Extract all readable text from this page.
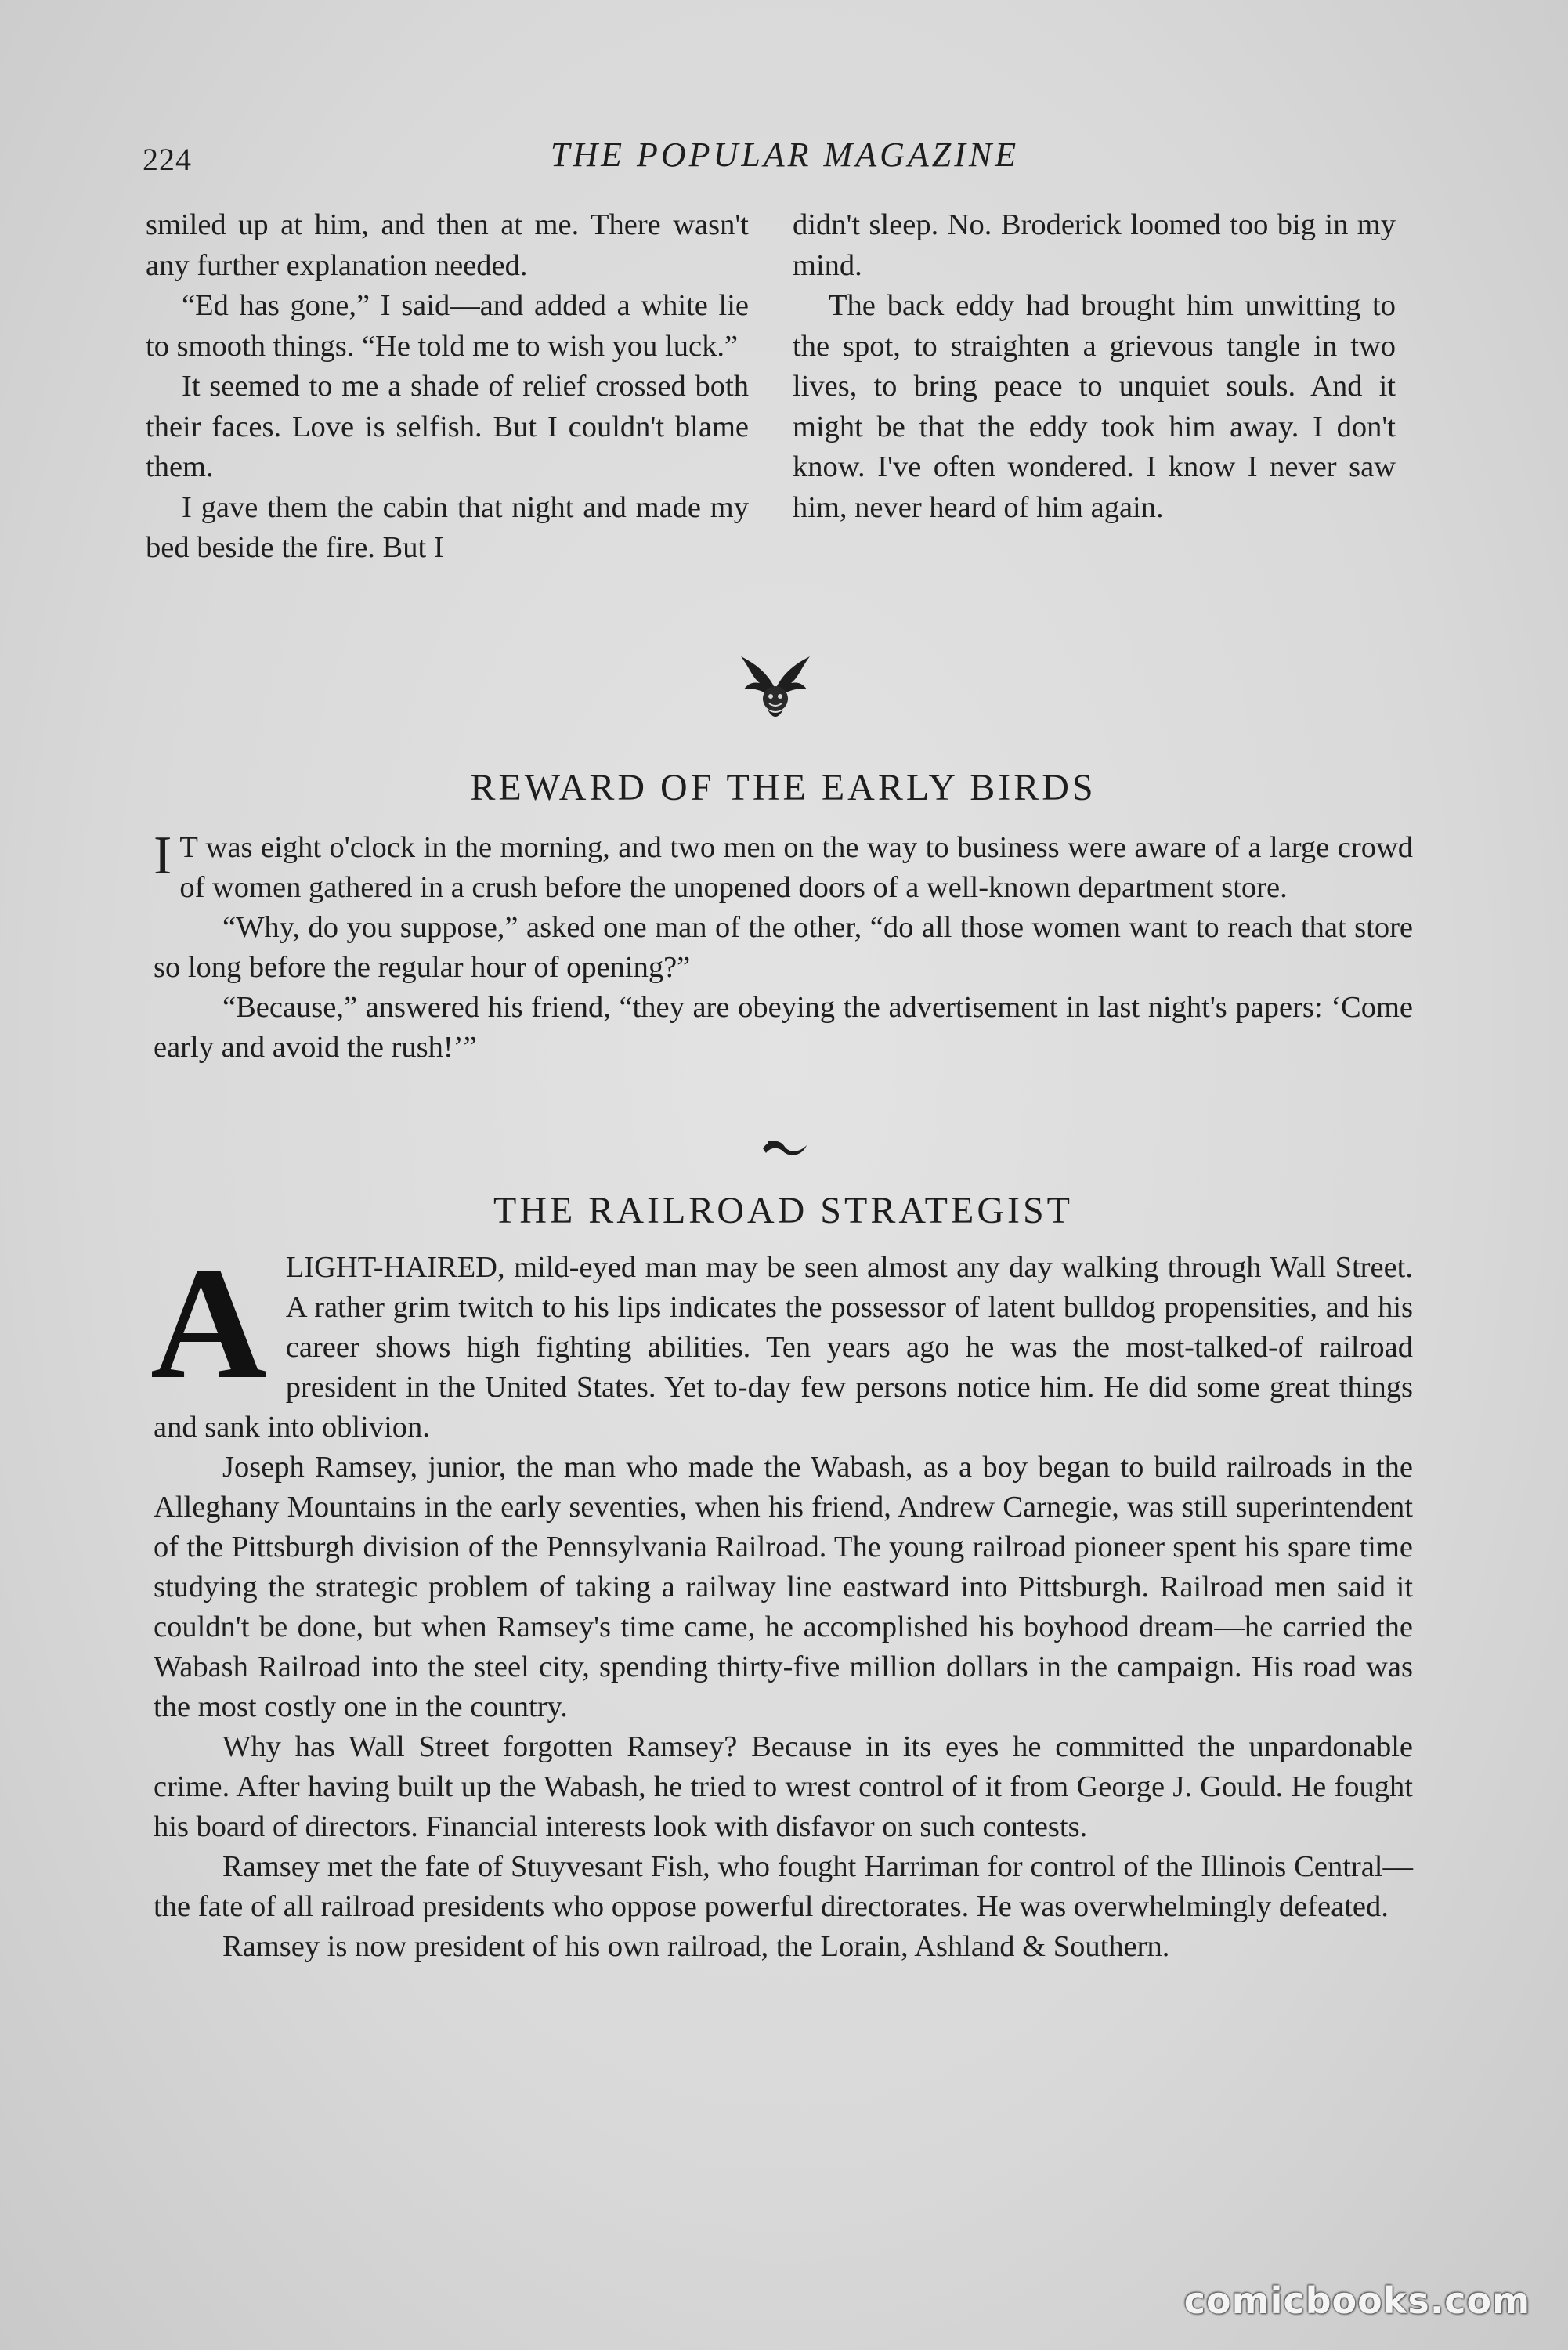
224	THE POPULAR MAGAZINE

smiled up at him, and then at me. There wasn't any further explanation needed.

“Ed has gone,” I said—and added a white lie to smooth things. “He told me to wish you luck.”

It seemed to me a shade of relief crossed both their faces. Love is selfish. But I couldn't blame them.

I gave them the cabin that night and made my bed beside the fire. But I

didn't sleep. No. Broderick loomed too big in my mind.

The back eddy had brought him unwitting to the spot, to straighten a grievous tangle in two lives, to bring peace to unquiet souls. And it might be that the eddy took him away. I don't know. I've often wondered. I know I never saw him, never heard of him again.

REWARD OF THE EARLY BIRDS

I T was eight o'clock in the morning, and two men on the way to business were aware of a large crowd of women gathered in a crush before the unopened doors of a well-known department store.

“Why, do you suppose,” asked one man of the other, “do all those women want to reach that store so long before the regular hour of opening?”

“Because,” answered his friend, “they are obeying the advertisement in last night's papers: ‘Come early and avoid the rush!’”

THE RAILROAD STRATEGIST

ALIGHT-HAIRED, mild-eyed man may be seen almost any day walking through Wall Street. A rather grim twitch to his lips indicates the possessor of latent bulldog propensities, and his career shows high fighting abilities. Ten years ago he was the most-talked-of railroad president in the United States. Yet to-day few persons notice him. He did some great things and sank into oblivion.

Joseph Ramsey, junior, the man who made the Wabash, as a boy began to build railroads in the Alleghany Mountains in the early seventies, when his friend, Andrew Carnegie, was still superintendent of the Pittsburgh division of the Pennsylvania Railroad. The young railroad pioneer spent his spare time studying the strategic problem of taking a railway line eastward into Pittsburgh. Railroad men said it couldn't be done, but when Ramsey's time came, he accomplished his boyhood dream—he carried the Wabash Railroad into the steel city, spending thirty-five million dollars in the campaign. His road was the most costly one in the country.

Why has Wall Street forgotten Ramsey? Because in its eyes he committed the unpardonable crime. After having built up the Wabash, he tried to wrest control of it from George J. Gould. He fought his board of directors. Financial interests look with disfavor on such contests.

Ramsey met the fate of Stuyvesant Fish, who fought Harriman for control of the Illinois Central—the fate of all railroad presidents who oppose powerful directorates. He was overwhelmingly defeated.

Ramsey is now president of his own railroad, the Lorain, Ashland & Southern.

comicbooks.com
